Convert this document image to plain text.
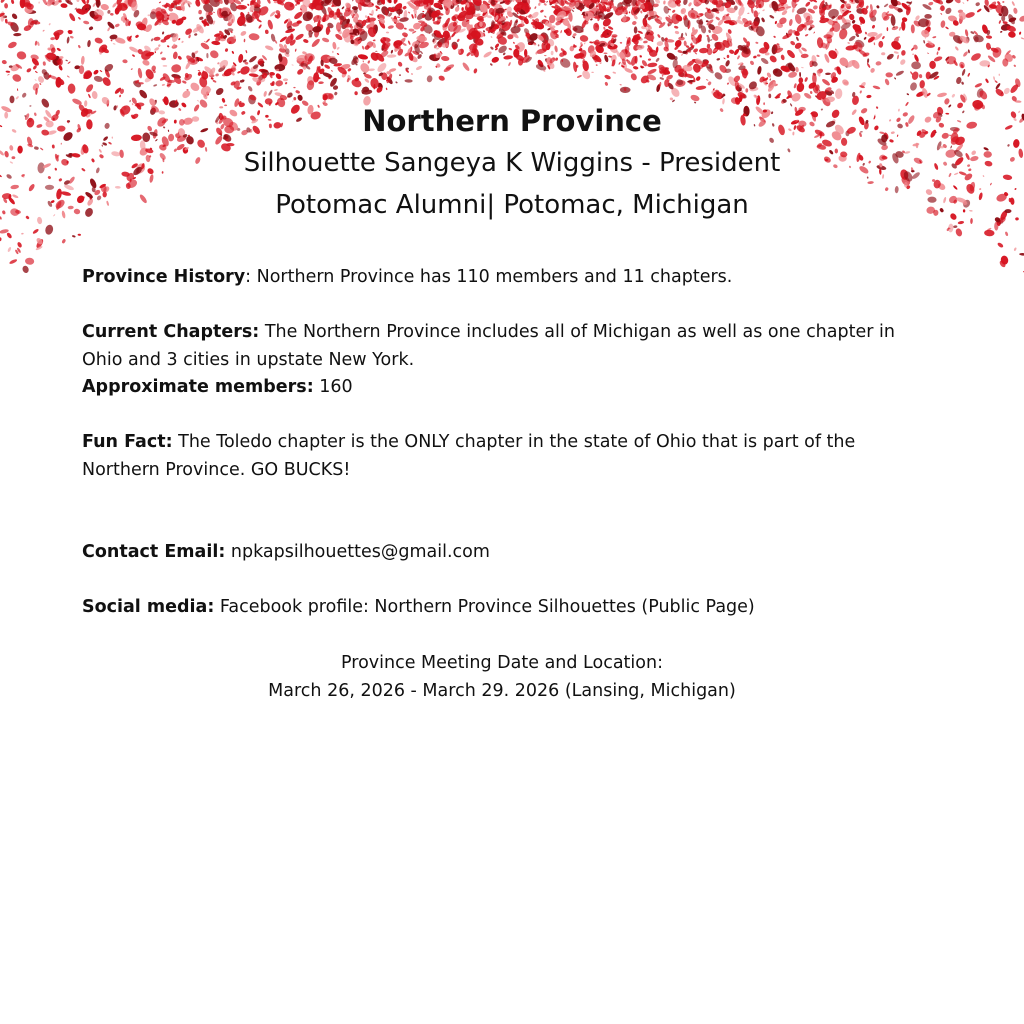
Northern Province

Silhouette Sangeya K Wiggins - President

Potomac Alumni| Potomac, Michigan

Province History: Northern Province has 110 members and 11 chapters.

Current Chapters: The Northern Province includes all of Michigan as well as one chapter in Ohio and 3 cities in upstate New York.

Approximate members: 160

Fun Fact: The Toledo chapter is the ONLY chapter in the state of Ohio that is part of the Northern Province. GO BUCKS!

Contact Email: npkapsilhouettes@gmail.com

Social media: Facebook profile: Northern Province Silhouettes (Public Page)

Province Meeting Date and Location:

March 26, 2026 - March 29. 2026 (Lansing, Michigan)
